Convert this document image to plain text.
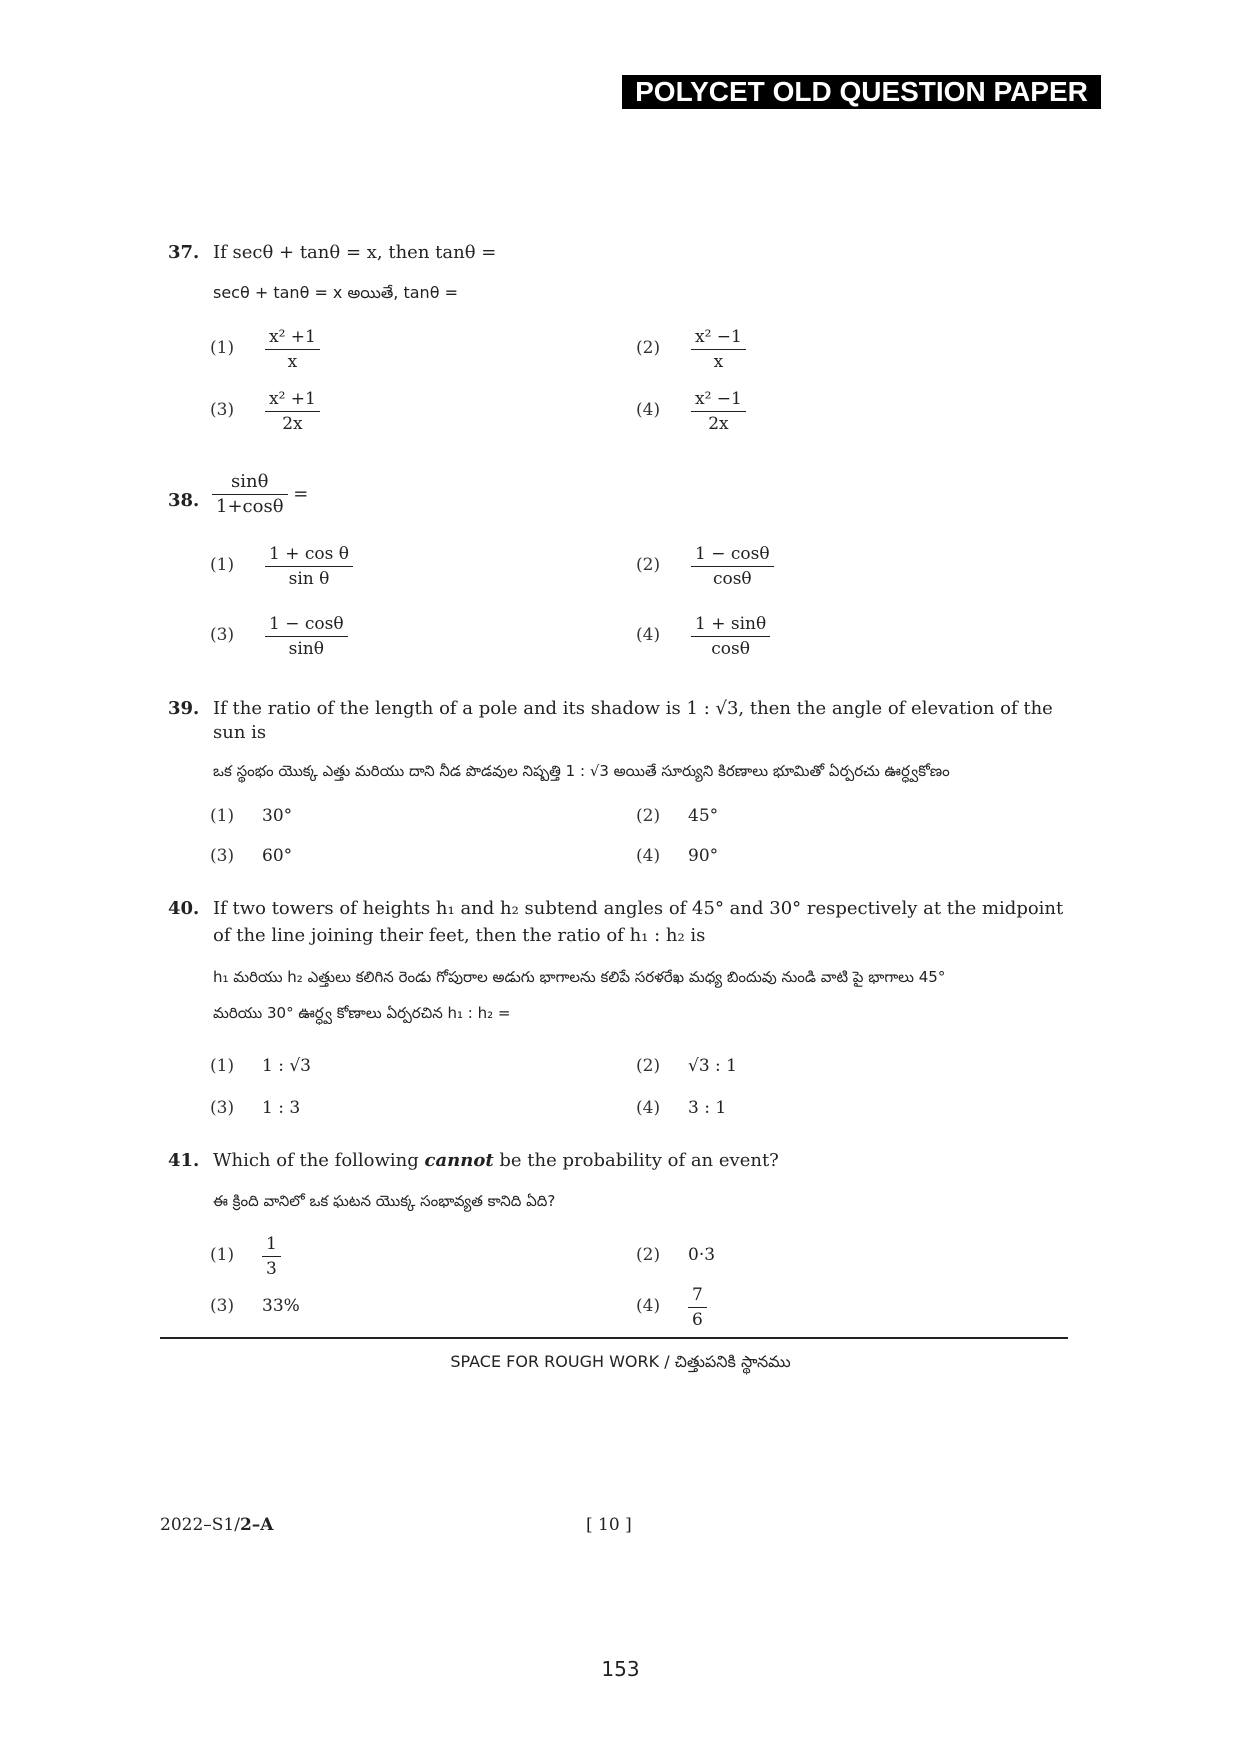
POLYCET OLD QUESTION PAPER
37. If secθ + tanθ = x, then tanθ =
secθ + tanθ = x అయితే, tanθ =
$(1) \frac{\text{x² +1}}{x}$	$(2) \frac{\text{x² −1}}{x}$
$(3) \frac{\text{x² +1}}{2x}$	$(4) \frac{\text{x² −1}}{2x}$
38. $\frac{\sin\theta}{1+\cos\theta}$ =
$(1) \frac{\text{1 + cos θ}}{\text{sin θ}}$	$(2) \frac{1 - \cos\theta}{\cos\theta}$
$(3) \frac{1 - \cos\theta}{\sin\theta}$	$(4) \frac{1 + \sin\theta}{\cos\theta}$
39. If the ratio of the length of a pole and its shadow is 1 : √3, then the angle of elevation of the
sun is
ఒక స్థంభం యొక్క ఎత్తు మరియు దాని నీడ పొడవుల నిష్పత్తి 1 : √3 అయితే సూర్యుని కిరణాలు భూమితో ఏర్పరచు ఊర్ధ్వకోణం
(1) 30°	(2) 45°
(3) 60°	(4) 90°
40. If two towers of heights h₁ and h₂ subtend angles of 45° and 30° respectively at the midpoint
of the line joining their feet, then the ratio of h₁ : h₂ is
h₁ మరియు h₂ ఎత్తులు కలిగిన రెండు గోపురాల అడుగు భాగాలను కలిపే సరళరేఖ మధ్య బిందువు నుండి వాటి పై భాగాలు 45°
మరియు 30° ఊర్ధ్వ కోణాలు ఏర్పరచిన h₁ : h₂ =
(1) 1 : √3	(2) √3 : 1
(3) 1 : 3	(4) 3 : 1
41. Which of the following cannot be the probability of an event?
ఈ క్రింది వానిలో ఒక ఘటన యొక్క సంభావ్యత కానిది ఏది?
$(1) \frac{1}{3}$	(2) 0·3
(3) 33%	$(4) \frac{7}{6}$
SPACE FOR ROUGH WORK / చిత్తుపనికి స్థానము
2022–S1/2–A	[ 10 ]
153
